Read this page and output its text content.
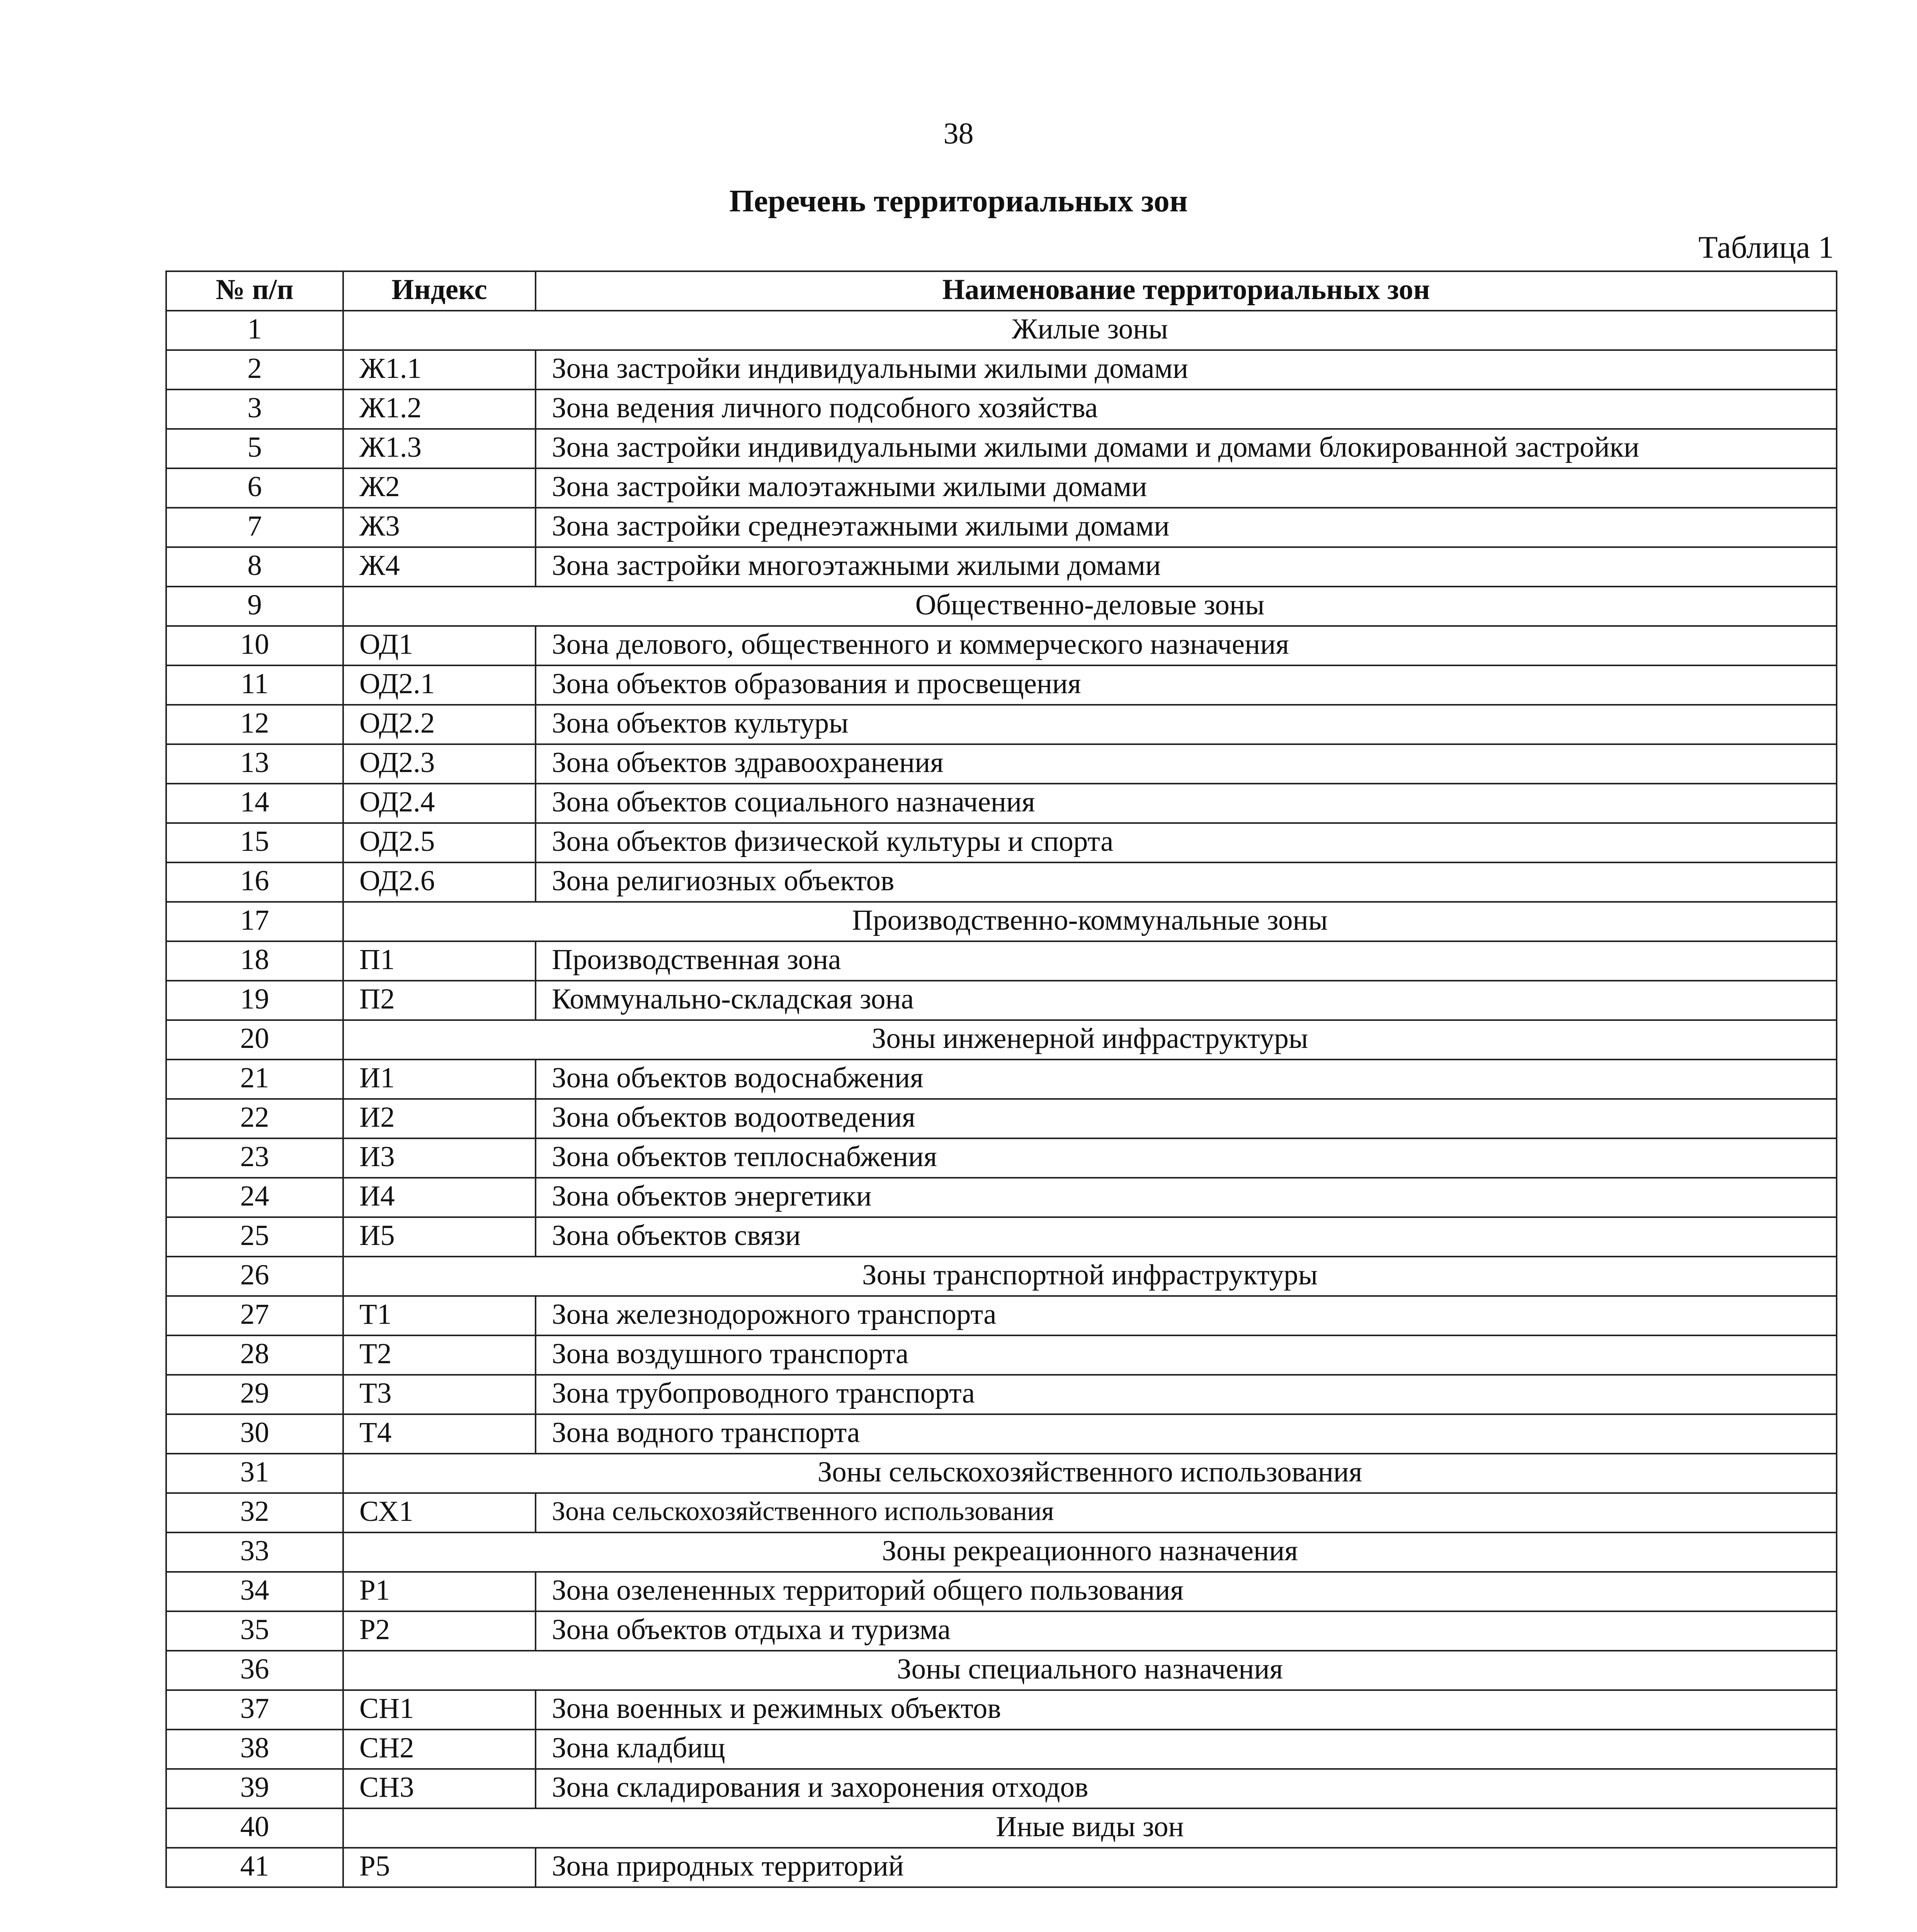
38
Перечень территориальных зон
Таблица 1
№ п/п	Индекс	Наименование территориальных зон
1	Жилые зоны	
2	Ж1.1	Зона застройки индивидуальными жилыми домами
3	Ж1.2	Зона ведения личного подсобного хозяйства
5	Ж1.3	Зона застройки индивидуальными жилыми домами и домами блокированной застройки
6	Ж2	Зона застройки малоэтажными жилыми домами
7	Ж3	Зона застройки среднеэтажными жилыми домами
8	Ж4	Зона застройки многоэтажными жилыми домами
9	Общественно-деловые зоны	
10	ОД1	Зона делового, общественного и коммерческого назначения
11	ОД2.1	Зона объектов образования и просвещения
12	ОД2.2	Зона объектов культуры
13	ОД2.3	Зона объектов здравоохранения
14	ОД2.4	Зона объектов социального назначения
15	ОД2.5	Зона объектов физической культуры и спорта
16	ОД2.6	Зона религиозных объектов
17	Производственно-коммунальные зоны	
18	П1	Производственная зона
19	П2	Коммунально-складская зона
20	Зоны инженерной инфраструктуры	
21	И1	Зона объектов водоснабжения
22	И2	Зона объектов водоотведения
23	И3	Зона объектов теплоснабжения
24	И4	Зона объектов энергетики
25	И5	Зона объектов связи
26	Зоны транспортной инфраструктуры	
27	Т1	Зона железнодорожного транспорта
28	Т2	Зона воздушного транспорта
29	Т3	Зона трубопроводного транспорта
30	Т4	Зона водного транспорта
31	Зоны сельскохозяйственного использования	
32	СХ1	Зона сельскохозяйственного использования
33	Зоны рекреационного назначения	
34	Р1	Зона озелененных территорий общего пользования
35	Р2	Зона объектов отдыха и туризма
36	Зоны специального назначения	
37	СН1	Зона военных и режимных объектов
38	СН2	Зона кладбищ
39	СН3	Зона складирования и захоронения отходов
40	Иные виды зон	
41	Р5	Зона природных территорий
